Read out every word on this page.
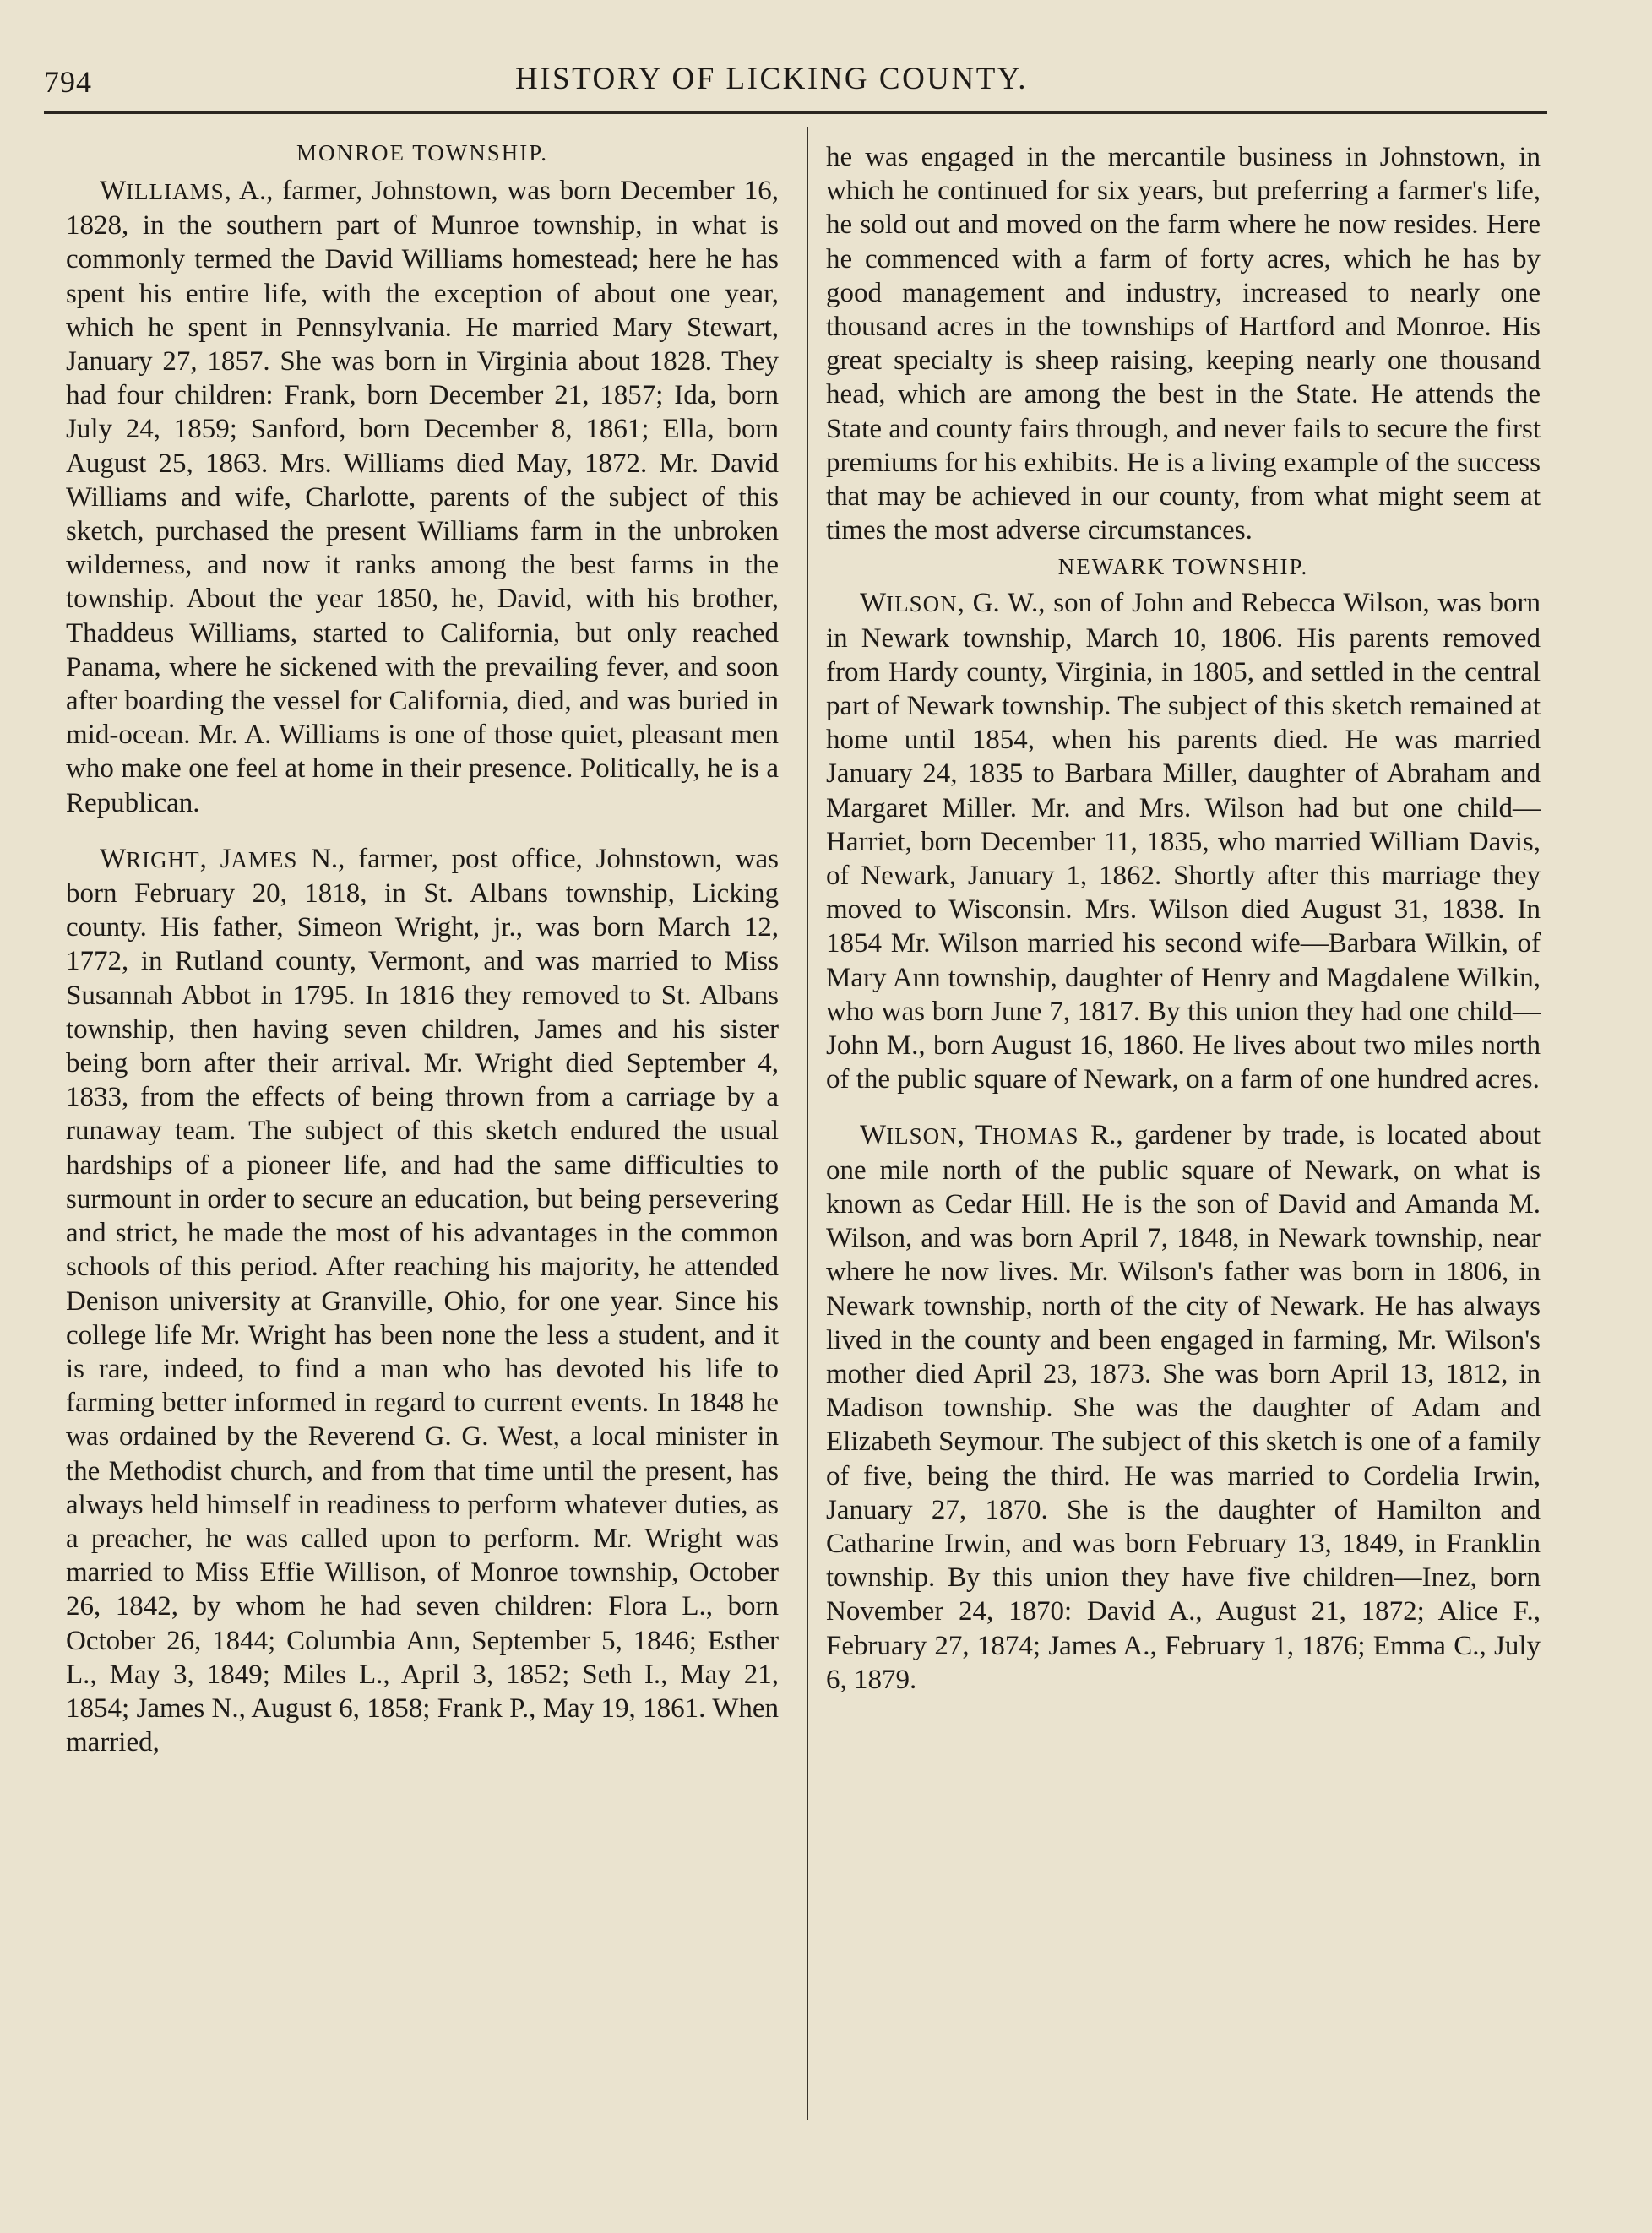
794	HISTORY OF LICKING COUNTY.
MONROE TOWNSHIP.

WILLIAMS, A., farmer, Johnstown, was born December 16, 1828, in the southern part of Munroe township, in what is commonly termed the David Williams homestead; here he has spent his entire life, with the exception of about one year, which he spent in Pennsylvania. He married Mary Stewart, January 27, 1857. She was born in Virginia about 1828. They had four children: Frank, born December 21, 1857; Ida, born July 24, 1859; Sanford, born December 8, 1861; Ella, born August 25, 1863. Mrs. Williams died May, 1872. Mr. David Williams and wife, Charlotte, parents of the subject of this sketch, purchased the present Williams farm in the unbroken wilderness, and now it ranks among the best farms in the township. About the year 1850, he, David, with his brother, Thaddeus Williams, started to California, but only reached Panama, where he sickened with the prevailing fever, and soon after boarding the vessel for California, died, and was buried in mid-ocean. Mr. A. Williams is one of those quiet, pleasant men who make one feel at home in their presence. Politically, he is a Republican.

WRIGHT, JAMES N., farmer, post office, Johnstown, was born February 20, 1818, in St. Albans township, Licking county. His father, Simeon Wright, jr., was born March 12, 1772, in Rutland county, Vermont, and was married to Miss Susannah Abbot in 1795. In 1816 they removed to St. Albans township, then having seven children, James and his sister being born after their arrival. Mr. Wright died September 4, 1833, from the effects of being thrown from a carriage by a runaway team. The subject of this sketch endured the usual hardships of a pioneer life, and had the same difficulties to surmount in order to secure an education, but being persevering and strict, he made the most of his advantages in the common schools of this period. After reaching his majority, he attended Denison university at Granville, Ohio, for one year. Since his college life Mr. Wright has been none the less a student, and it is rare, indeed, to find a man who has devoted his life to farming better informed in regard to current events. In 1848 he was ordained by the Reverend G. G. West, a local minister in the Methodist church, and from that time until the present, has always held himself in readiness to perform whatever duties, as a preacher, he was called upon to perform. Mr. Wright was married to Miss Effie Willison, of Monroe township, October 26, 1842, by whom he had seven children: Flora L., born October 26, 1844; Columbia Ann, September 5, 1846; Esther L., May 3, 1849; Miles L., April 3, 1852; Seth I., May 21, 1854; James N., August 6, 1858; Frank P., May 19, 1861. When married,

he was engaged in the mercantile business in Johnstown, in which he continued for six years, but preferring a farmer's life, he sold out and moved on the farm where he now resides. Here he commenced with a farm of forty acres, which he has by good management and industry, increased to nearly one thousand acres in the townships of Hartford and Monroe. His great specialty is sheep raising, keeping nearly one thousand head, which are among the best in the State. He attends the State and county fairs through, and never fails to secure the first premiums for his exhibits. He is a living example of the success that may be achieved in our county, from what might seem at times the most adverse circumstances.

NEWARK TOWNSHIP.

WILSON, G. W., son of John and Rebecca Wilson, was born in Newark township, March 10, 1806. His parents removed from Hardy county, Virginia, in 1805, and settled in the central part of Newark township. The subject of this sketch remained at home until 1854, when his parents died. He was married January 24, 1835 to Barbara Miller, daughter of Abraham and Margaret Miller. Mr. and Mrs. Wilson had but one child—Harriet, born December 11, 1835, who married William Davis, of Newark, January 1, 1862. Shortly after this marriage they moved to Wisconsin. Mrs. Wilson died August 31, 1838. In 1854 Mr. Wilson married his second wife—Barbara Wilkin, of Mary Ann township, daughter of Henry and Magdalene Wilkin, who was born June 7, 1817. By this union they had one child—John M., born August 16, 1860. He lives about two miles north of the public square of Newark, on a farm of one hundred acres.

WILSON, THOMAS R., gardener by trade, is located about one mile north of the public square of Newark, on what is known as Cedar Hill. He is the son of David and Amanda M. Wilson, and was born April 7, 1848, in Newark township, near where he now lives. Mr. Wilson's father was born in 1806, in Newark township, north of the city of Newark. He has always lived in the county and been engaged in farming, Mr. Wilson's mother died April 23, 1873. She was born April 13, 1812, in Madison township. She was the daughter of Adam and Elizabeth Seymour. The subject of this sketch is one of a family of five, being the third. He was married to Cordelia Irwin, January 27, 1870. She is the daughter of Hamilton and Catharine Irwin, and was born February 13, 1849, in Franklin township. By this union they have five children—Inez, born November 24, 1870: David A., August 21, 1872; Alice F., February 27, 1874; James A., February 1, 1876; Emma C., July 6, 1879.
